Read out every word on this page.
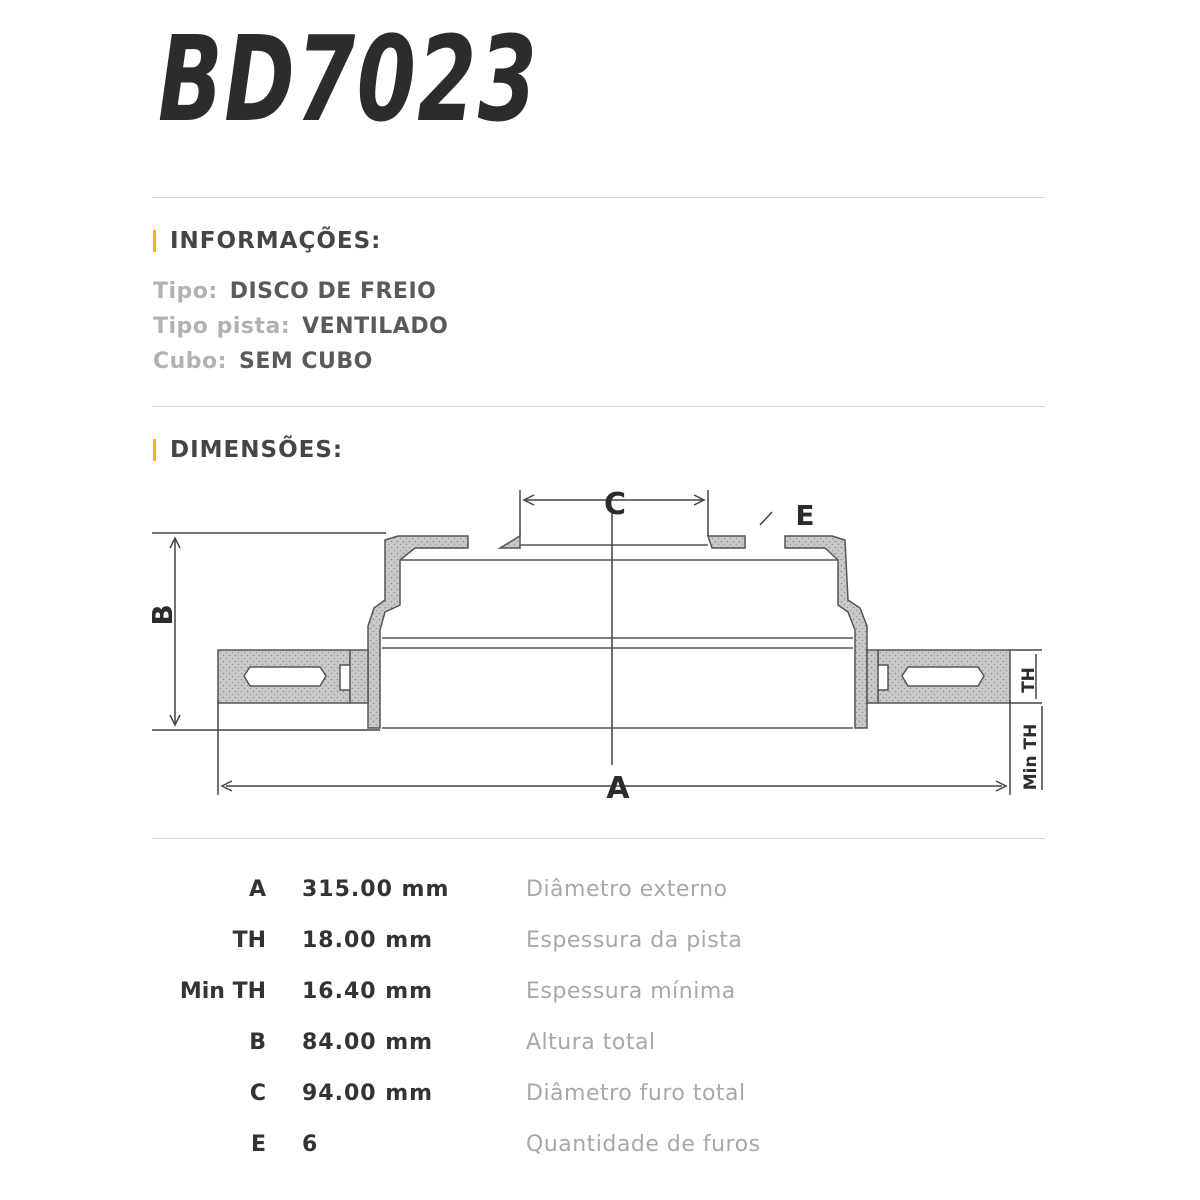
BD7023
INFORMAÇÕES:
Tipo: DISCO DE FREIO
Tipo pista: VENTILADO
Cubo: SEM CUBO
DIMENSÕES:
B
C	E
A
TH
Min TH
A 315.00 mm	Diâmetro externo
TH 18.00 mm	Espessura da pista
Min TH 16.40 mm	Espessura mínima
B 84.00 mm	Altura total
C 94.00 mm	Diâmetro furo total
E 6	Quantidade de furos
